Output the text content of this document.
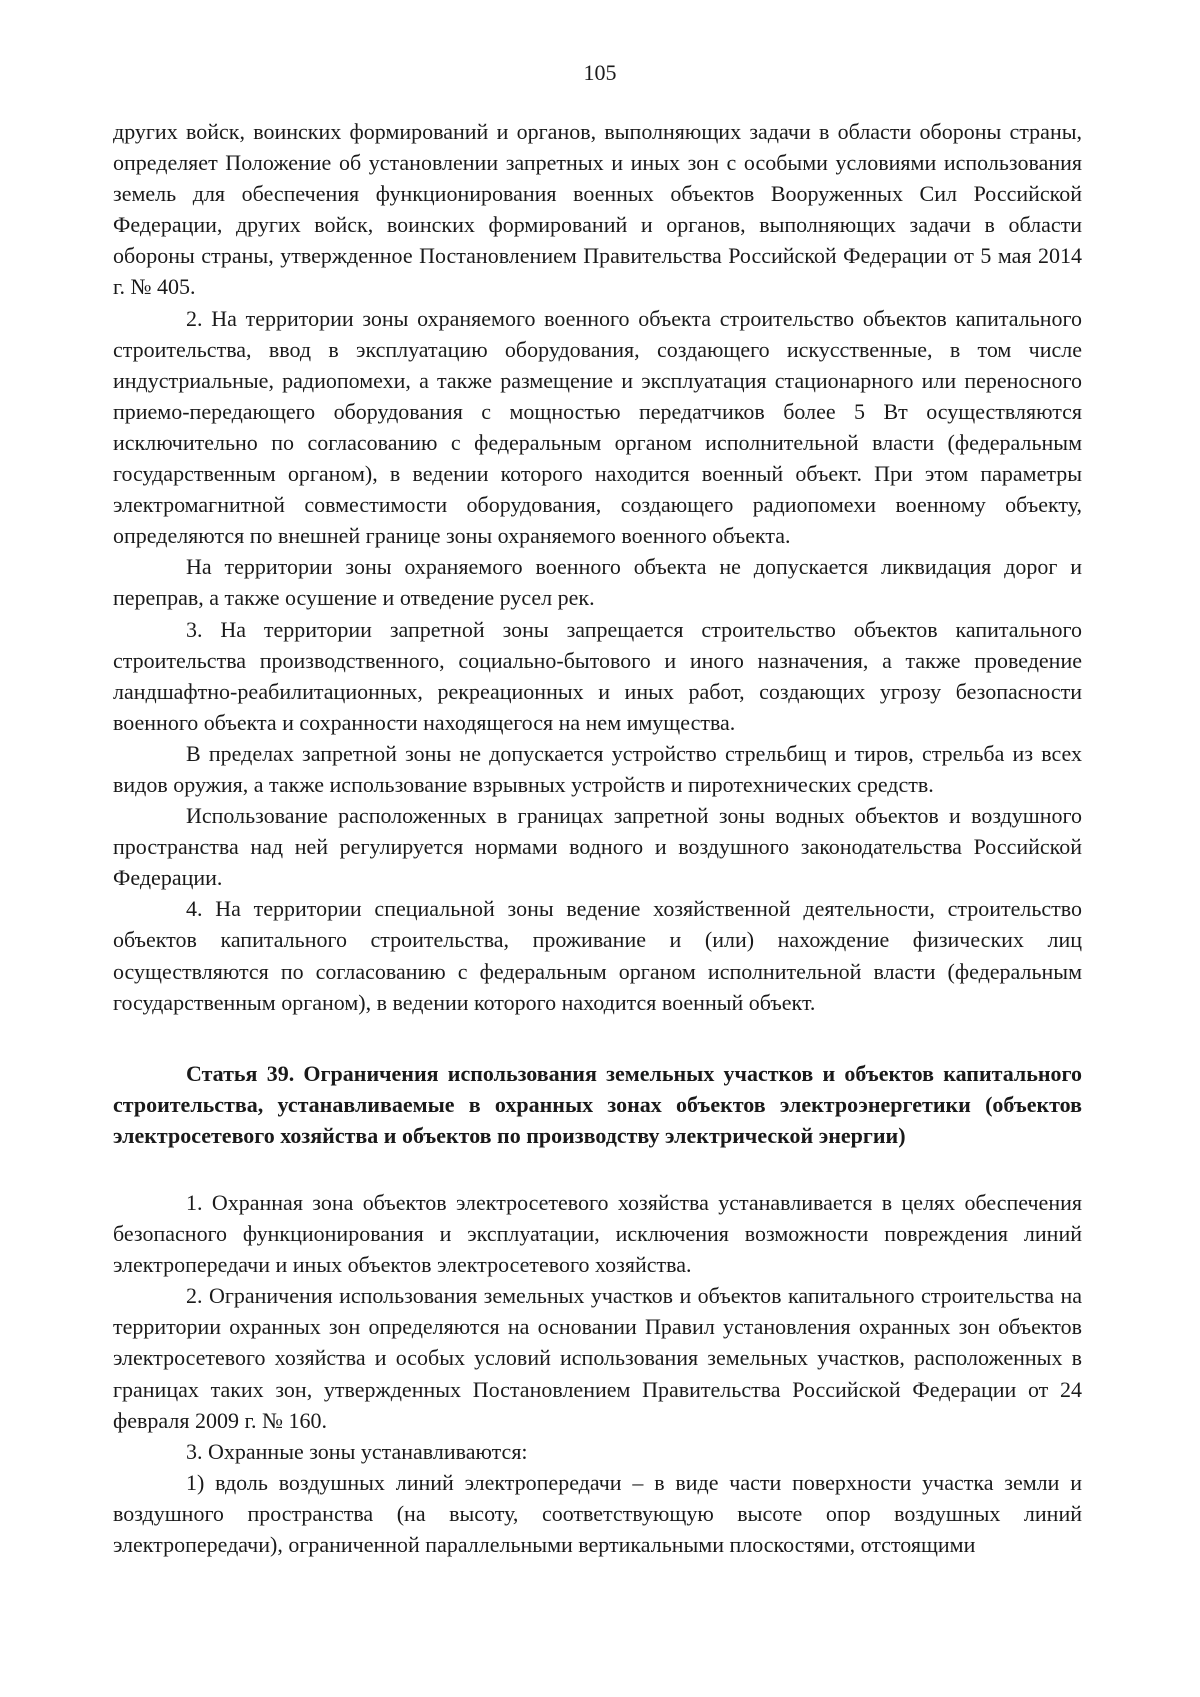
105

других войск, воинских формирований и органов, выполняющих задачи в области обороны страны, определяет Положение об установлении запретных и иных зон с особыми условиями использования земель для обеспечения функционирования военных объектов Вооруженных Сил Российской Федерации, других войск, воинских формирований и органов, выполняющих задачи в области обороны страны, утвержденное Постановлением Правительства Российской Федерации от 5 мая 2014 г. № 405.

2. На территории зоны охраняемого военного объекта строительство объектов капитального строительства, ввод в эксплуатацию оборудования, создающего искусственные, в том числе индустриальные, радиопомехи, а также размещение и эксплуатация стационарного или переносного приемо-передающего оборудования с мощностью передатчиков более 5 Вт осуществляются исключительно по согласованию с федеральным органом исполнительной власти (федеральным государственным органом), в ведении которого находится военный объект. При этом параметры электромагнитной совместимости оборудования, создающего радиопомехи военному объекту, определяются по внешней границе зоны охраняемого военного объекта.

На территории зоны охраняемого военного объекта не допускается ликвидация дорог и переправ, а также осушение и отведение русел рек.

3. На территории запретной зоны запрещается строительство объектов капитального строительства производственного, социально-бытового и иного назначения, а также проведение ландшафтно-реабилитационных, рекреационных и иных работ, создающих угрозу безопасности военного объекта и сохранности находящегося на нем имущества.

В пределах запретной зоны не допускается устройство стрельбищ и тиров, стрельба из всех видов оружия, а также использование взрывных устройств и пиротехнических средств.

Использование расположенных в границах запретной зоны водных объектов и воздушного пространства над ней регулируется нормами водного и воздушного законодательства Российской Федерации.

4. На территории специальной зоны ведение хозяйственной деятельности, строительство объектов капитального строительства, проживание и (или) нахождение физических лиц осуществляются по согласованию с федеральным органом исполнительной власти (федеральным государственным органом), в ведении которого находится военный объект.

Статья 39. Ограничения использования земельных участков и объектов капитального строительства, устанавливаемые в охранных зонах объектов электроэнергетики (объектов электросетевого хозяйства и объектов по производству электрической энергии)

1. Охранная зона объектов электросетевого хозяйства устанавливается в целях обеспечения безопасного функционирования и эксплуатации, исключения возможности повреждения линий электропередачи и иных объектов электросетевого хозяйства.

2. Ограничения использования земельных участков и объектов капитального строительства на территории охранных зон определяются на основании Правил установления охранных зон объектов электросетевого хозяйства и особых условий использования земельных участков, расположенных в границах таких зон, утвержденных Постановлением Правительства Российской Федерации от 24 февраля 2009 г. № 160.

3. Охранные зоны устанавливаются:

1) вдоль воздушных линий электропередачи – в виде части поверхности участка земли и воздушного пространства (на высоту, соответствующую высоте опор воздушных линий электропередачи), ограниченной параллельными вертикальными плоскостями, отстоящими
